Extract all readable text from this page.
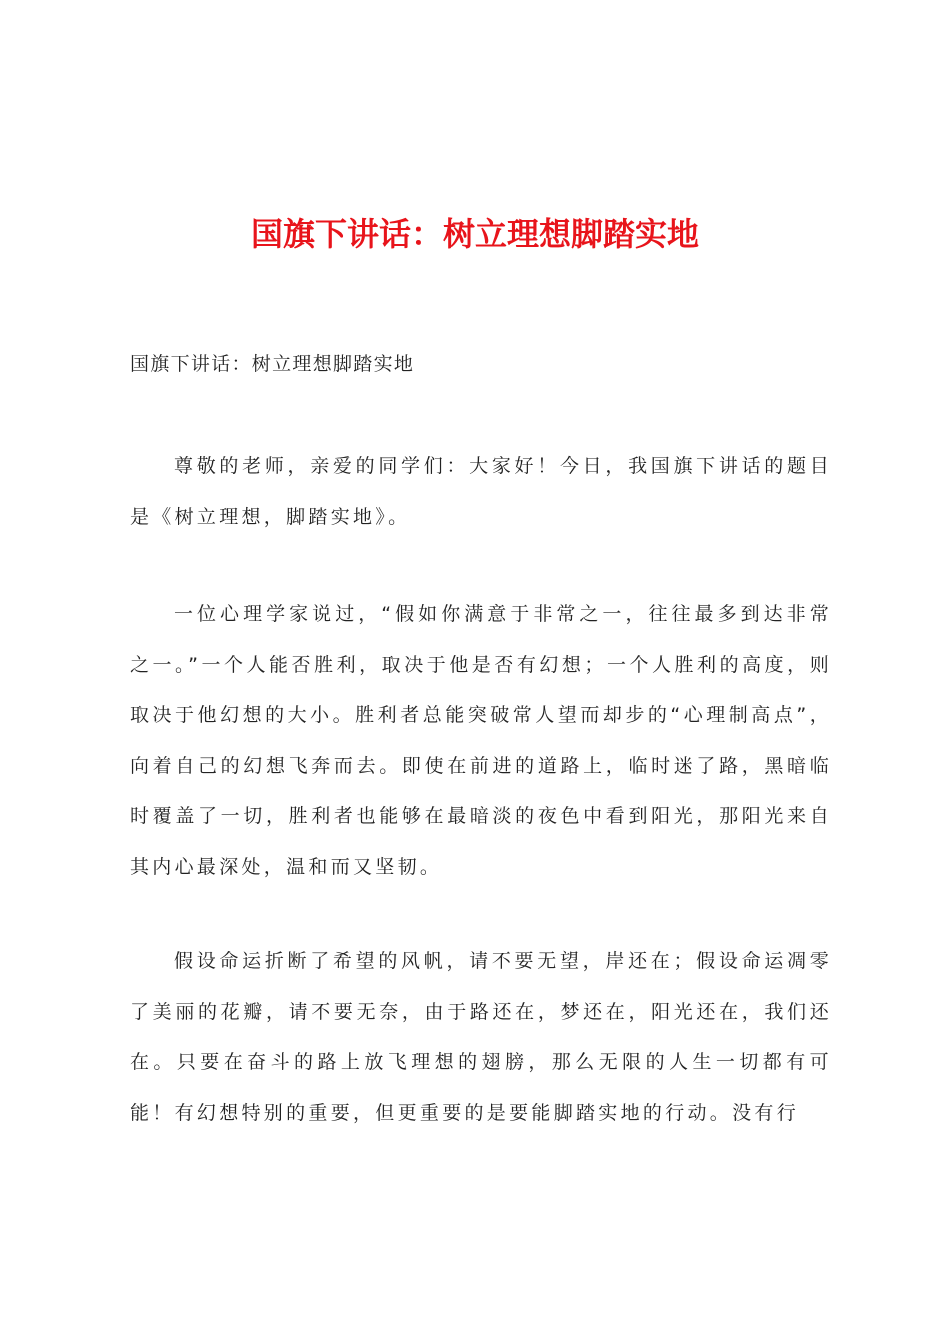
国旗下讲话：树立理想脚踏实地

国旗下讲话：树立理想脚踏实地

尊敬的老师，亲爱的同学们：大家好！今日，我国旗下讲话的题目是《树立理想，脚踏实地》。

一位心理学家说过，“假如你满意于非常之一，往往最多到达非常之一。”一个人能否胜利，取决于他是否有幻想；一个人胜利的高度，则取决于他幻想的大小。胜利者总能突破常人望而却步的“心理制高点”，向着自己的幻想飞奔而去。即使在前进的道路上，临时迷了路，黑暗临时覆盖了一切，胜利者也能够在最暗淡的夜色中看到阳光，那阳光来自其内心最深处，温和而又坚韧。

假设命运折断了希望的风帆，请不要无望，岸还在；假设命运凋零了美丽的花瓣，请不要无奈，由于路还在，梦还在，阳光还在，我们还在。只要在奋斗的路上放飞理想的翅膀，那么无限的人生一切都有可能！有幻想特别的重要，但更重要的是要能脚踏实地的行动。没有行
